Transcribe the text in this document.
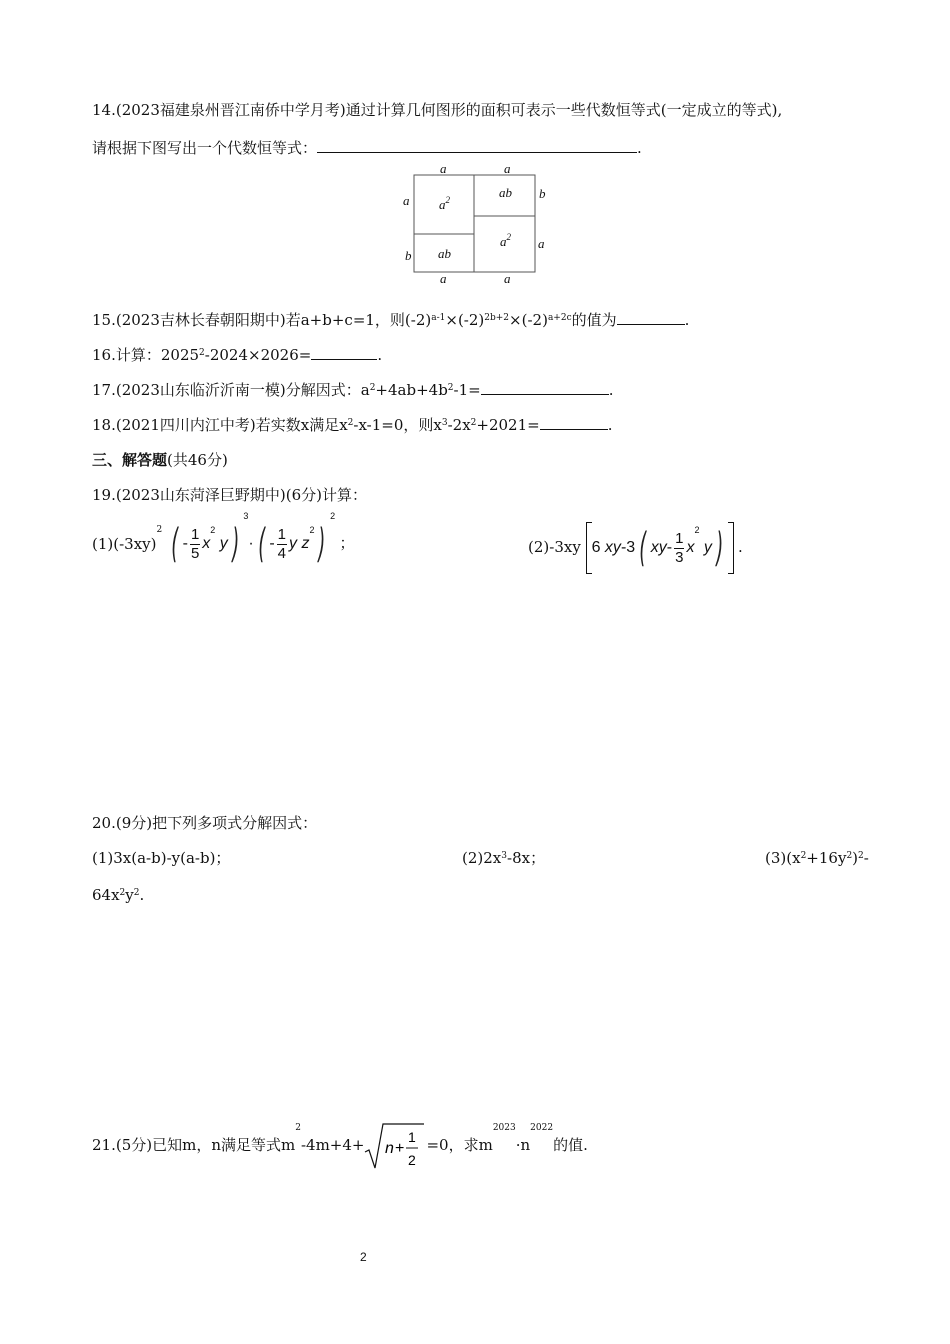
14.(2023福建泉州晋江南侨中学月考)通过计算几何图形的面积可表示一些代数恒等式(一定成立的等式),
请根据下图写出一个代数恒等式：	.
a	a
a
b
b
a
a	a
$a^2$	ab
ab
$a^2$
15.(2023吉林长春朝阳期中)若a+b+c=1，则$(-2)^{a-1}\times(-2)^{2b+2}\times(-2)^{a+2c}$的值为	.
16.计算：$2025^2-2024\times 2026=$	.
17.(2023山东临沂沂南一模)分解因式：$a^2+4ab+4b^2-1=$	.
18.(2021四川内江中考)若实数x满足$x^2-x-1=0$，则$x^3-2x^2+2021=$	.
三、解答题(共46分)
19.(2023山东菏泽巨野期中)(6分)计算：
$(1)(-3xy)^2$ ( - $\frac{1}{5} x^2$ y )$^3$· ( - $\frac{1}{4}$ y $z^2$ )$^2$ ；	(2)-3xy 6 xy-3 ( $xy- \frac{1}{3} x^2$ y ) .
20.(9分)把下列多项式分解因式：
(1)3x(a-b)-y(a-b)；	$(2)2x^3-8x$；	$(3)(x^2+16y^2)^2-$
$64x^2y^2$.
21.(5分)已知m，n满足等式$m^2-4m+4+ n$ +
1
2
=0，求$m^{2023}\cdot n^{2022}$的值.
2
